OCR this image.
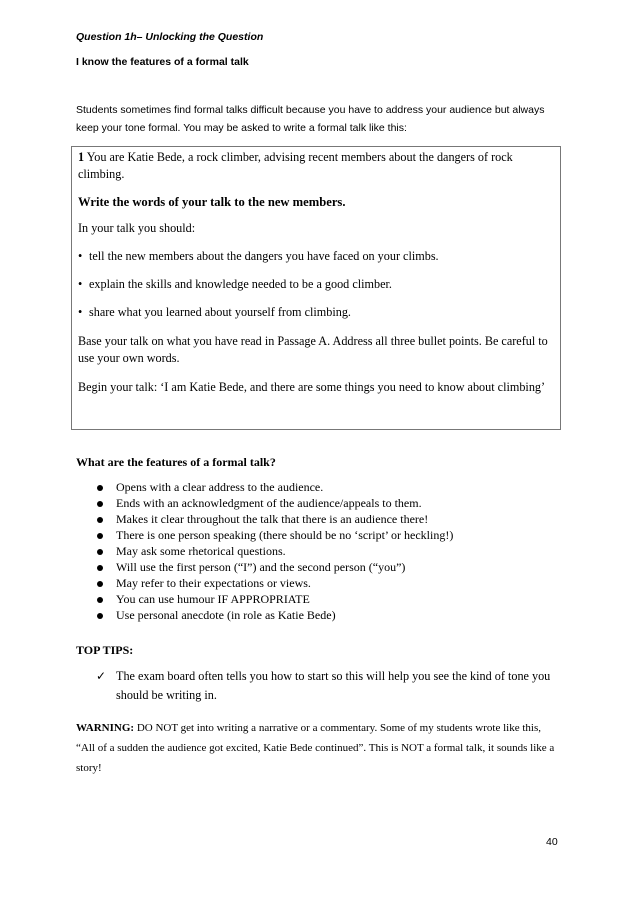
Question 1h– Unlocking the Question
I know the features of a formal talk
Students sometimes find formal talks difficult because you have to address your audience but always keep your tone formal. You may be asked to write a formal talk like this:

1 You are Katie Bede, a rock climber, advising recent members about the dangers of rock climbing.

Write the words of your talk to the new members.

In your talk you should:

• tell the new members about the dangers you have faced on your climbs.

• explain the skills and knowledge needed to be a good climber.

• share what you learned about yourself from climbing.

Base your talk on what you have read in Passage A. Address all three bullet points. Be careful to use your own words.

Begin your talk: ‘I am Katie Bede, and there are some things you need to know about climbing’

What are the features of a formal talk?
Opens with a clear address to the audience.
Ends with an acknowledgment of the audience/appeals to them.
Makes it clear throughout the talk that there is an audience there!
There is one person speaking (there should be no ‘script’ or heckling!)
May ask some rhetorical questions.
Will use the first person (“I”) and the second person (“you”)
May refer to their expectations or views.
You can use humour IF APPROPRIATE
Use personal anecdote (in role as Katie Bede)
TOP TIPS:
✓ The exam board often tells you how to start so this will help you see the kind of tone you should be writing in.
WARNING: DO NOT get into writing a narrative or a commentary. Some of my students wrote like this, “All of a sudden the audience got excited, Katie Bede continued”. This is NOT a formal talk, it sounds like a story!
40
